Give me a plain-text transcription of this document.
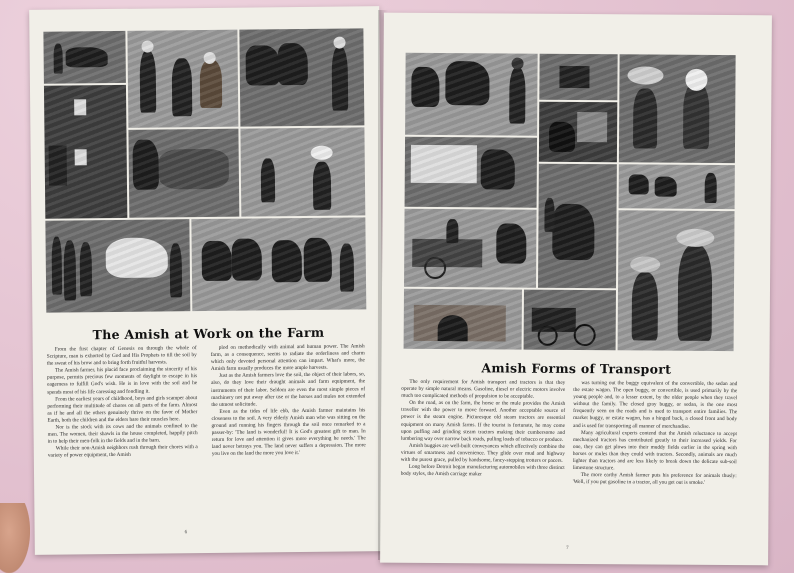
The Amish at Work on the Farm

From the first chapter of Genesis on through the whole of Scripture, man is exhorted by God and His Prophets to till the soil by the sweat of his brow and to bring forth fruitful harvests.

The Amish farmer, his placid face proclaiming the sincerity of his purpose, permits precious few moments of daylight to escape in his eagerness to fulfill God's wish. He is in love with the soil and he spends most of his life caressing and fondling it.

From the earliest years of childhood, boys and girls scamper about performing their multitude of chores on all parts of the farm. Almost as if he and all the others genuinely thrive on the favor of Mother Earth, both the children and the elders bare their muscles here.

Nor is the stock with its cows and the animals confined to the men. The women, their shawls in the house completed, happily pitch in to help their men-folk in the fields and in the barn.

While their non-Amish neighbors rush through their chores with a variety of power equipment, the Amish

plod on methodically with animal and human power. The Amish farm, as a consequence, seems to radiate the orderliness and charm which only devoted personal attention can impart. What's more, the Amish farm usually produces the more ample harvests.

Just as the Amish farmers love the soil, the object of their labors, so, also, do they love their draught animals and farm equipment, the instruments of their labor. Seldom are even the most simple pieces of machinery not put away after use or the horses and mules not extended the utmost solicitude.

Even as the tides of life ebb, the Amish farmer maintains his closeness to the soil. A very elderly Amish man who was sitting on the ground and running his fingers through the soil once remarked to a passer-by: 'The land is wonderful! It is God's greatest gift to man. In return for love and attention it gives more everything he needs.' The land never betrays you. The land never suffers a depression. The more you live on the land the more you love it.'

6
Amish Forms of Transport

The only requirement for Amish transport and tractors is that they operate by simple natural means. Gasoline, diesel or electric motors involve much too complicated methods of propulsion to be acceptable.

On the road, as on the farm, the horse or the mule provides the Amish traveller with the power to move forward. Another acceptable source of power is the steam engine. Picturesque old steam tractors are essential equipment on many Amish farms. If the tourist is fortunate, he may come upon puffing and grinding steam tractors making their cumbersome and lumbering way over narrow back roads, pulling loads of tobacco or produce.

Amish buggies are well-built conveyances which effectively combine the virtues of smartness and convenience. They glide over mud and highway with the purest grace, pulled by handsome, fancy-stepping trotters or pacers.

Long before Detroit began manufacturing automobiles with three distinct body styles, the Amish carriage maker

was turning out the buggy equivalent of the convertible, the sedan and the estate wagon. The open buggy, or convertible, is used primarily by the young people and, to a lesser extent, by the older people when they travel without the family. The closed gray buggy, or sedan, is the one most frequently seen on the roads and is used to transport entire families. The market buggy, or estate wagon, has a hinged back, a closed front and body and is used for transporting all manner of merchandise.

Many agricultural experts contend that the Amish reluctance to accept mechanized tractors has contributed greatly to their increased yields. For one, they can get plows into their muddy fields earlier in the spring with horses or mules than they could with tractors. Secondly, animals are much lighter than tractors and are less likely to break down the delicate sub-soil limestone structure.

The more earthy Amish farmer puts his preference for animals thusly: 'Well, if you put gasoline in a tractor, all you get out is smoke.'

7
